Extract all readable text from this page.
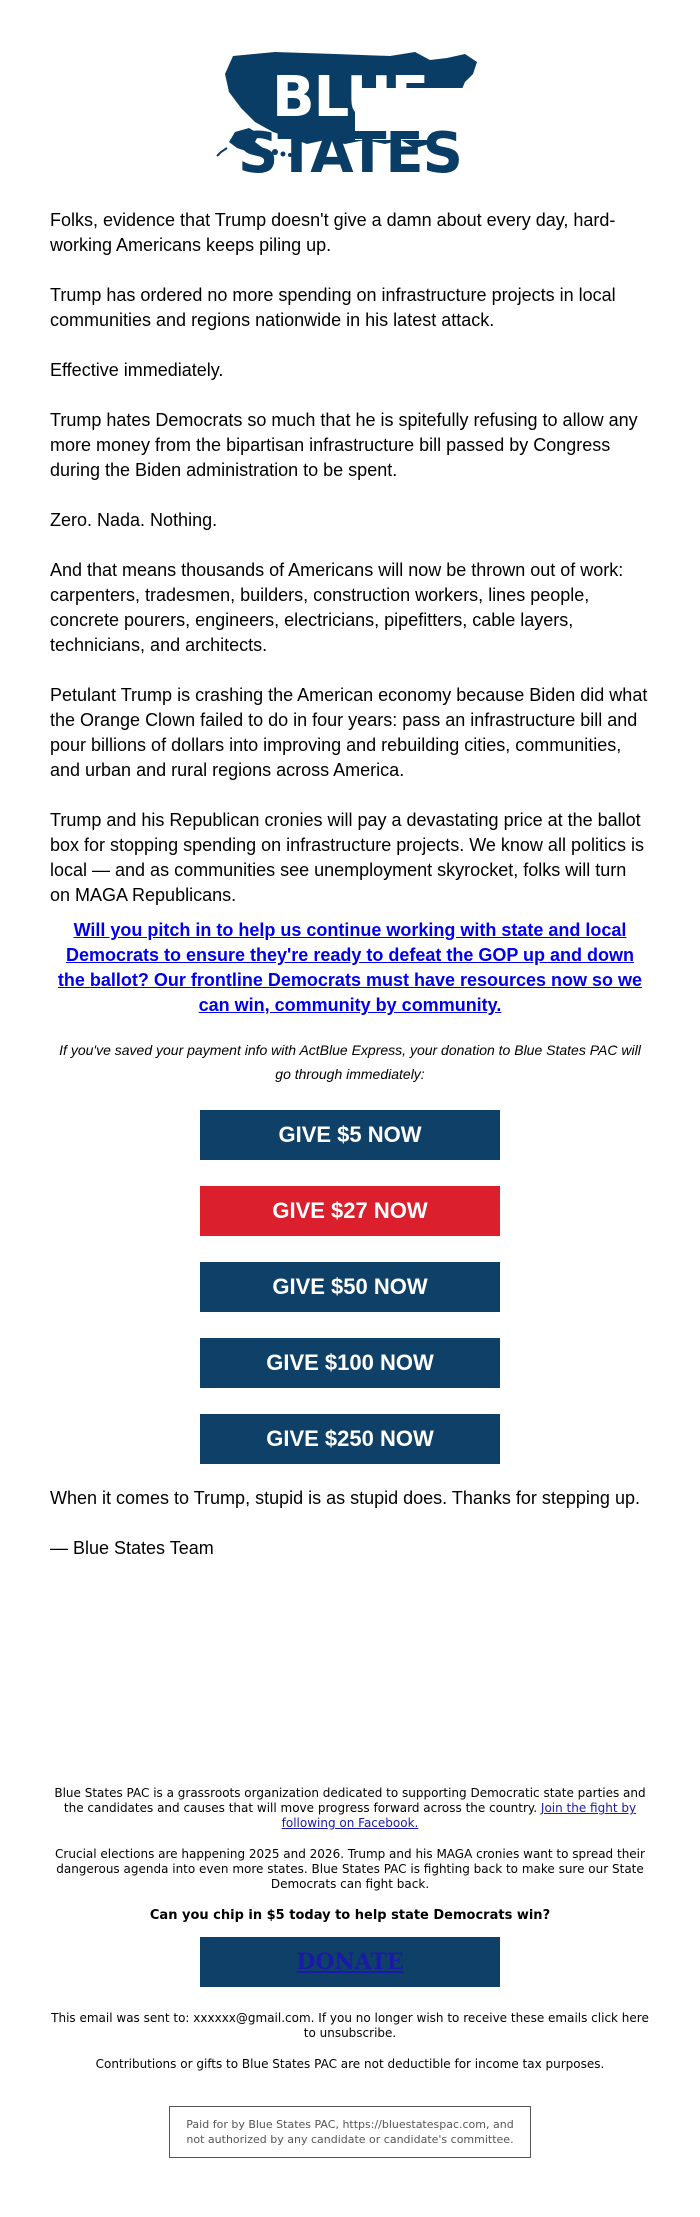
BLUE STATES

Folks, evidence that Trump doesn't give a damn about every day, hard-working Americans keeps piling up.

Trump has ordered no more spending on infrastructure projects in local communities and regions nationwide in his latest attack.

Effective immediately.

Trump hates Democrats so much that he is spitefully refusing to allow any more money from the bipartisan infrastructure bill passed by Congress during the Biden administration to be spent.

Zero. Nada. Nothing.

And that means thousands of Americans will now be thrown out of work: carpenters, tradesmen, builders, construction workers, lines people, concrete pourers, engineers, electricians, pipefitters, cable layers, technicians, and architects.

Petulant Trump is crashing the American economy because Biden did what the Orange Clown failed to do in four years: pass an infrastructure bill and pour billions of dollars into improving and rebuilding cities, communities, and urban and rural regions across America.

Trump and his Republican cronies will pay a devastating price at the ballot box for stopping spending on infrastructure projects. We know all politics is local — and as communities see unemployment skyrocket, folks will turn on MAGA Republicans.

Will you pitch in to help us continue working with state and local Democrats to ensure they're ready to defeat the GOP up and down the ballot? Our frontline Democrats must have resources now so we can win, community by community.

If you've saved your payment info with ActBlue Express, your donation to Blue States PAC will go through immediately:

GIVE $5 NOW
GIVE $27 NOW
GIVE $50 NOW
GIVE $100 NOW
GIVE $250 NOW

When it comes to Trump, stupid is as stupid does. Thanks for stepping up.

— Blue States Team

Blue States PAC is a grassroots organization dedicated to supporting Democratic state parties and the candidates and causes that will move progress forward across the country. Join the fight by following on Facebook.

Crucial elections are happening 2025 and 2026. Trump and his MAGA cronies want to spread their dangerous agenda into even more states. Blue States PAC is fighting back to make sure our State Democrats can fight back.

Can you chip in $5 today to help state Democrats win?

DONATE

This email was sent to: xxxxxx@gmail.com. If you no longer wish to receive these emails click here to unsubscribe.

Contributions or gifts to Blue States PAC are not deductible for income tax purposes.

Paid for by Blue States PAC, https://bluestatespac.com, and not authorized by any candidate or candidate's committee.
